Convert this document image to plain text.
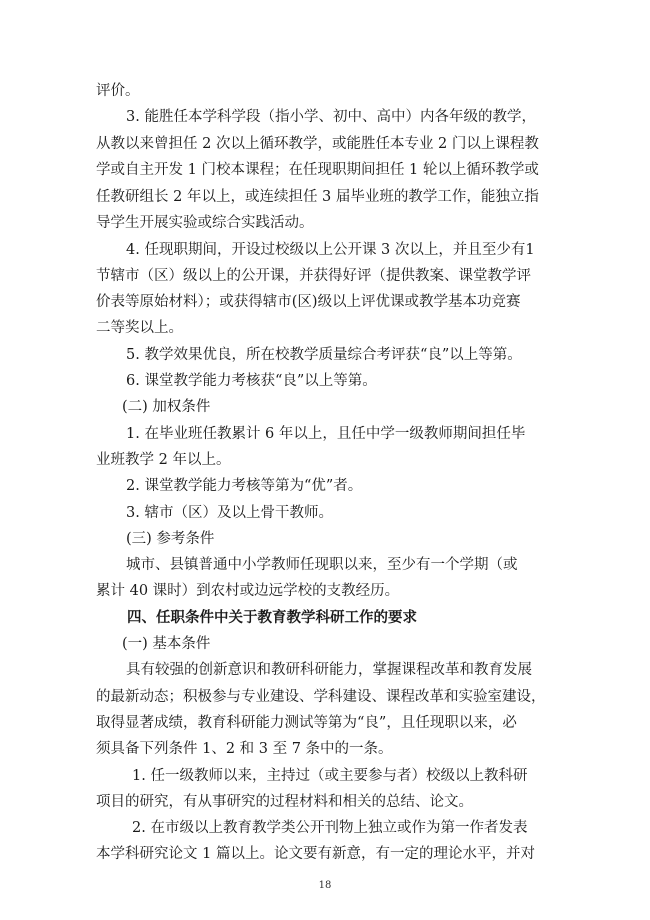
评价。
3. 能胜任本学科学段（指小学、初中、高中）内各年级的教学，
从教以来曾担任 2 次以上循环教学，或能胜任本专业 2 门以上课程教
学或自主开发 1 门校本课程；在任现职期间担任 1 轮以上循环教学或
任教研组长 2 年以上，或连续担任 3 届毕业班的教学工作，能独立指
导学生开展实验或综合实践活动。
4. 任现职期间，开设过校级以上公开课 3 次以上，并且至少有1
节辖市（区）级以上的公开课，并获得好评（提供教案、课堂教学评
价表等原始材料）；或获得辖市(区)级以上评优课或教学基本功竞赛
二等奖以上。
5. 教学效果优良，所在校教学质量综合考评获“良”以上等第。
6. 课堂教学能力考核获“良”以上等第。
(二) 加权条件
1. 在毕业班任教累计 6 年以上，且任中学一级教师期间担任毕
业班教学 2 年以上。
2. 课堂教学能力考核等第为“优”者。
3. 辖市（区）及以上骨干教师。
(三) 参考条件
城市、县镇普通中小学教师任现职以来，至少有一个学期（或
累计 40 课时）到农村或边远学校的支教经历。
四、任职条件中关于教育教学科研工作的要求
(一) 基本条件
具有较强的创新意识和教研科研能力，掌握课程改革和教育发展
的最新动态；积极参与专业建设、学科建设、课程改革和实验室建设，
取得显著成绩，教育科研能力测试等第为“良”，且任现职以来，必
须具备下列条件 1、2 和 3 至 7 条中的一条。
1. 任一级教师以来，主持过（或主要参与者）校级以上教科研
项目的研究，有从事研究的过程材料和相关的总结、论文。
2. 在市级以上教育教学类公开刊物上独立或作为第一作者发表
本学科研究论文 1 篇以上。论文要有新意，有一定的理论水平，并对
18
